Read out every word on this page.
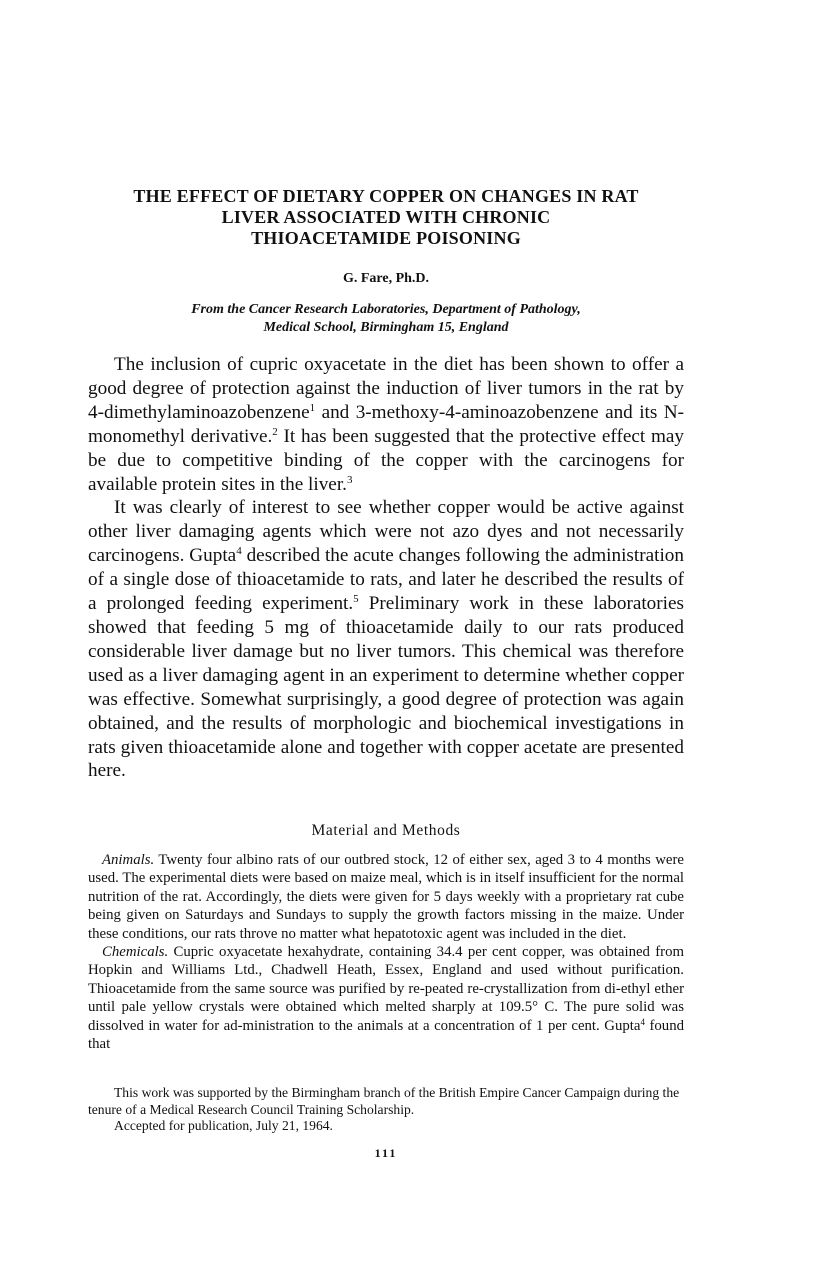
THE EFFECT OF DIETARY COPPER ON CHANGES IN RAT
LIVER ASSOCIATED WITH CHRONIC
THIOACETAMIDE POISONING
G. Fare, Ph.D.
From the Cancer Research Laboratories, Department of Pathology,
Medical School, Birmingham 15, England

The inclusion of cupric oxyacetate in the diet has been shown to offer a good degree of protection against the induction of liver tumors in the rat by 4-dimethylaminoazobenzene$^1$ and 3-methoxy-4-aminoazobenzene and its N-monomethyl derivative.$^2$ It has been suggested that the protective effect may be due to competitive binding of the copper with the carcinogens for available protein sites in the liver.$^3$

It was clearly of interest to see whether copper would be active against other liver damaging agents which were not azo dyes and not necessarily carcinogens. Gupta$^4$ described the acute changes following the administration of a single dose of thioacetamide to rats, and later he described the results of a prolonged feeding experiment.$^5$ Preliminary work in these laboratories showed that feeding 5 mg of thioacetamide daily to our rats produced considerable liver damage but no liver tumors. This chemical was therefore used as a liver damaging agent in an experiment to determine whether copper was effective. Somewhat surprisingly, a good degree of protection was again obtained, and the results of morphologic and biochemical investigations in rats given thioacetamide alone and together with copper acetate are presented here.

Material and Methods

Animals. Twenty four albino rats of our outbred stock, 12 of either sex, aged 3 to 4 months were used. The experimental diets were based on maize meal, which is in itself insufficient for the normal nutrition of the rat. Accordingly, the diets were given for 5 days weekly with a proprietary rat cube being given on Saturdays and Sundays to supply the growth factors missing in the maize. Under these conditions, our rats throve no matter what hepatotoxic agent was included in the diet.

Chemicals. Cupric oxyacetate hexahydrate, containing 34.4 per cent copper, was obtained from Hopkin and Williams Ltd., Chadwell Heath, Essex, England and used without purification. Thioacetamide from the same source was purified by re-peated re-crystallization from di-ethyl ether until pale yellow crystals were obtained which melted sharply at 109.5° C. The pure solid was dissolved in water for ad-ministration to the animals at a concentration of 1 per cent. Gupta$^4$ found that

This work was supported by the Birmingham branch of the British Empire Cancer Campaign during the tenure of a Medical Research Council Training Scholarship.

Accepted for publication, July 21, 1964.

111
